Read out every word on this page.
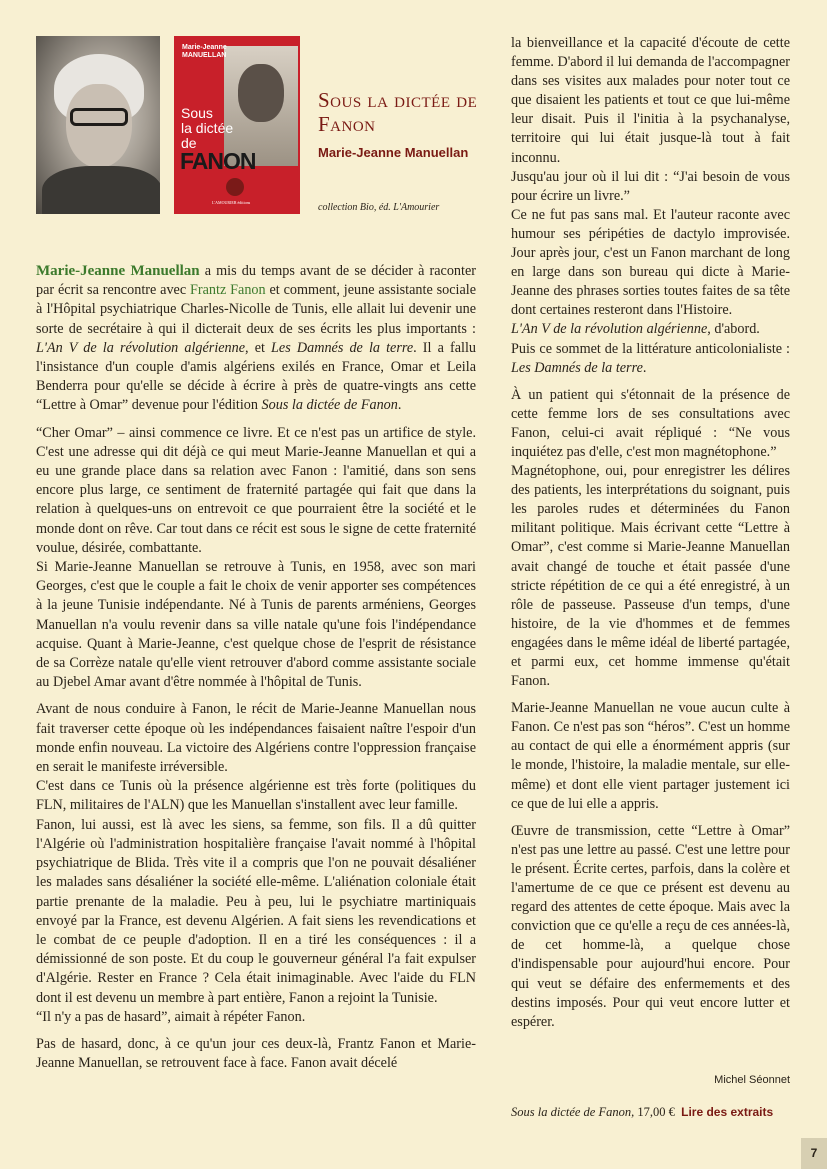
Marie-Jeanne
MANUELLAN
Sous
la dictée
de
FANON
L'AMOURIER éditions
Sous la dictée de Fanon
Marie-Jeanne Manuellan
collection Bio, éd. L'Amourier

Marie-Jeanne Manuellan a mis du temps avant de se décider à raconter par écrit sa rencontre avec Frantz Fanon et comment, jeune assistante sociale à l'Hôpital psychiatrique Charles-Nicolle de Tunis, elle allait lui devenir une sorte de secrétaire à qui il dicterait deux de ses écrits les plus importants : L'An V de la révolution algérienne, et Les Damnés de la terre. Il a fallu l'insistance d'un couple d'amis algériens exilés en France, Omar et Leila Benderra pour qu'elle se décide à écrire à près de quatre-vingts ans cette “Lettre à Omar” devenue pour l'édition Sous la dictée de Fanon.

“Cher Omar” – ainsi commence ce livre. Et ce n'est pas un artifice de style. C'est une adresse qui dit déjà ce qui meut Marie-Jeanne Manuellan et qui a eu une grande place dans sa relation avec Fanon : l'amitié, dans son sens encore plus large, ce sentiment de fraternité partagée qui fait que dans la relation à quelques-uns on entrevoit ce que pourraient être la société et le monde dont on rêve. Car tout dans ce récit est sous le signe de cette fraternité voulue, désirée, combattante.

Si Marie-Jeanne Manuellan se retrouve à Tunis, en 1958, avec son mari Georges, c'est que le couple a fait le choix de venir apporter ses compétences à la jeune Tunisie indépendante. Né à Tunis de parents arméniens, Georges Manuellan n'a voulu revenir dans sa ville natale qu'une fois l'indépendance acquise. Quant à Marie-Jeanne, c'est quelque chose de l'esprit de résistance de sa Corrèze natale qu'elle vient retrouver d'abord comme assistante sociale au Djebel Amar avant d'être nommée à l'hôpital de Tunis.

Avant de nous conduire à Fanon, le récit de Marie-Jeanne Manuellan nous fait traverser cette époque où les indépendances faisaient naître l'espoir d'un monde enfin nouveau. La victoire des Algériens contre l'oppression française en serait le manifeste irréversible.

C'est dans ce Tunis où la présence algérienne est très forte (politiques du FLN, militaires de l'ALN) que les Manuellan s'installent avec leur famille.

Fanon, lui aussi, est là avec les siens, sa femme, son fils. Il a dû quitter l'Algérie où l'administration hospitalière française l'avait nommé à l'hôpital psychiatrique de Blida. Très vite il a compris que l'on ne pouvait désaliéner les malades sans désaliéner la société elle-même. L'aliénation coloniale était partie prenante de la maladie. Peu à peu, lui le psychiatre martiniquais envoyé par la France, est devenu Algérien. A fait siens les revendications et le combat de ce peuple d'adoption. Il en a tiré les conséquences : il a démissionné de son poste. Et du coup le gouverneur général l'a fait expulser d'Algérie. Rester en France ? Cela était inimaginable. Avec l'aide du FLN dont il est devenu un membre à part entière, Fanon a rejoint la Tunisie.

“Il n'y a pas de hasard”, aimait à répéter Fanon.

Pas de hasard, donc, à ce qu'un jour ces deux-là, Frantz Fanon et Marie-Jeanne Manuellan, se retrouvent face à face. Fanon avait décelé

la bienveillance et la capacité d'écoute de cette femme. D'abord il lui demanda de l'accompagner dans ses visites aux malades pour noter tout ce que disaient les patients et tout ce que lui-même leur disait. Puis il l'initia à la psychanalyse, territoire qui lui était jusque-là tout à fait inconnu.

Jusqu'au jour où il lui dit : “J'ai besoin de vous pour écrire un livre.”

Ce ne fut pas sans mal. Et l'auteur raconte avec humour ses péripéties de dactylo improvisée. Jour après jour, c'est un Fanon marchant de long en large dans son bureau qui dicte à Marie-Jeanne des phrases sorties toutes faites de sa tête dont certaines resteront dans l'Histoire.

L'An V de la révolution algérienne, d'abord.

Puis ce sommet de la littérature anticolonialiste : Les Damnés de la terre.

À un patient qui s'étonnait de la présence de cette femme lors de ses consultations avec Fanon, celui-ci avait répliqué : “Ne vous inquiétez pas d'elle, c'est mon magnétophone.”

Magnétophone, oui, pour enregistrer les délires des patients, les interprétations du soignant, puis les paroles rudes et déterminées du Fanon militant politique. Mais écrivant cette “Lettre à Omar”, c'est comme si Marie-Jeanne Manuellan avait changé de touche et était passée d'une stricte répétition de ce qui a été enregistré, à un rôle de passeuse. Passeuse d'un temps, d'une histoire, de la vie d'hommes et de femmes engagées dans le même idéal de liberté partagée, et parmi eux, cet homme immense qu'était Fanon.

Marie-Jeanne Manuellan ne voue aucun culte à Fanon. Ce n'est pas son “héros”. C'est un homme au contact de qui elle a énormément appris (sur le monde, l'histoire, la maladie mentale, sur elle-même) et dont elle vient partager justement ici ce que de lui elle a appris.

Œuvre de transmission, cette “Lettre à Omar” n'est pas une lettre au passé. C'est une lettre pour le présent. Écrite certes, parfois, dans la colère et l'amertume de ce que ce présent est devenu au regard des attentes de cette époque. Mais avec la conviction que ce qu'elle a reçu de ces années-là, de cet homme-là, a quelque chose d'indispensable pour aujourd'hui encore. Pour qui veut se défaire des enfermements et des destins imposés. Pour qui veut encore lutter et espérer.

Michel Séonnet
Sous la dictée de Fanon, 17,00 € Lire des extraits
7
